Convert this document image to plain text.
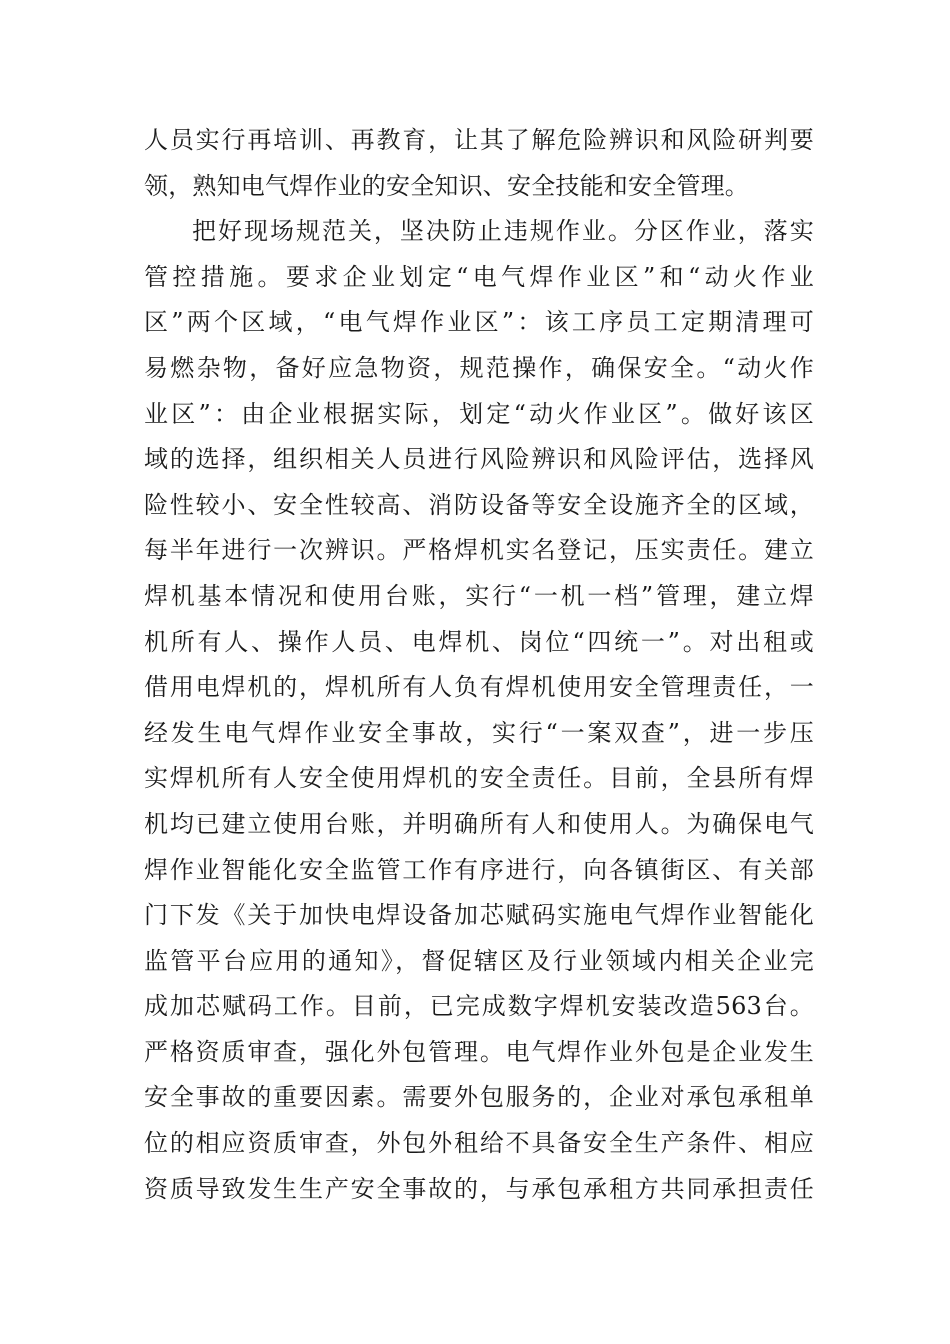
人员实行再培训、再教育，让其了解危险辨识和风险研判要
领，熟知电气焊作业的安全知识、安全技能和安全管理。
把好现场规范关，坚决防止违规作业。分区作业，落实
管控措施。要求企业划定“电气焊作业区”和“动火作业
区”两个区域，“电气焊作业区”：该工序员工定期清理可
易燃杂物，备好应急物资，规范操作，确保安全。“动火作
业区”：由企业根据实际，划定“动火作业区”。做好该区
域的选择，组织相关人员进行风险辨识和风险评估，选择风
险性较小、安全性较高、消防设备等安全设施齐全的区域，
每半年进行一次辨识。严格焊机实名登记，压实责任。建立
焊机基本情况和使用台账，实行“一机一档”管理，建立焊
机所有人、操作人员、电焊机、岗位“四统一”。对出租或
借用电焊机的，焊机所有人负有焊机使用安全管理责任，一
经发生电气焊作业安全事故，实行“一案双查”，进一步压
实焊机所有人安全使用焊机的安全责任。目前，全县所有焊
机均已建立使用台账，并明确所有人和使用人。为确保电气
焊作业智能化安全监管工作有序进行，向各镇街区、有关部
门下发《关于加快电焊设备加芯赋码实施电气焊作业智能化
监管平台应用的通知》，督促辖区及行业领域内相关企业完
成加芯赋码工作。目前，已完成数字焊机安装改造563台。
严格资质审查，强化外包管理。电气焊作业外包是企业发生
安全事故的重要因素。需要外包服务的，企业对承包承租单
位的相应资质审查，外包外租给不具备安全生产条件、相应
资质导致发生生产安全事故的，与承包承租方共同承担责任
